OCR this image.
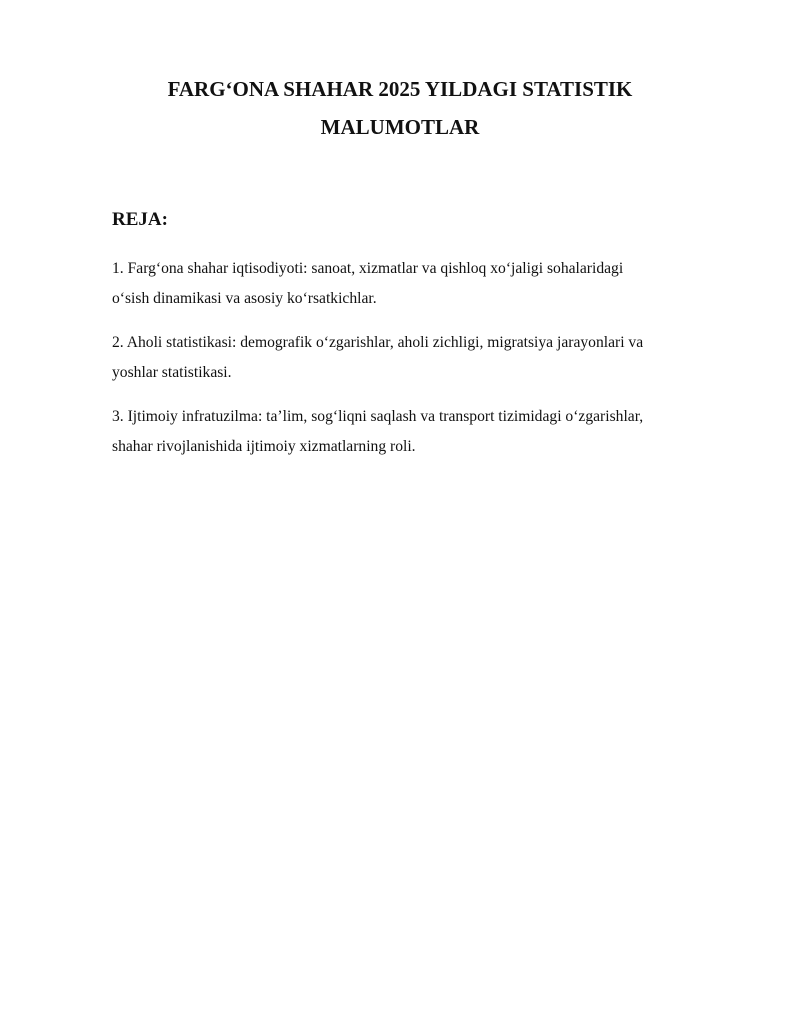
FARG‘ONA SHAHAR 2025 YILDAGI STATISTIK
MALUMOTLAR
REJA:
1. Farg‘ona shahar iqtisodiyoti: sanoat, xizmatlar va qishloq xo‘jaligi sohalaridagi
o‘sish dinamikasi va asosiy ko‘rsatkichlar.
2. Aholi statistikasi: demografik o‘zgarishlar, aholi zichligi, migratsiya jarayonlari va
yoshlar statistikasi.
3. Ijtimoiy infratuzilma: ta’lim, sog‘liqni saqlash va transport tizimidagi o‘zgarishlar,
shahar rivojlanishida ijtimoiy xizmatlarning roli.
